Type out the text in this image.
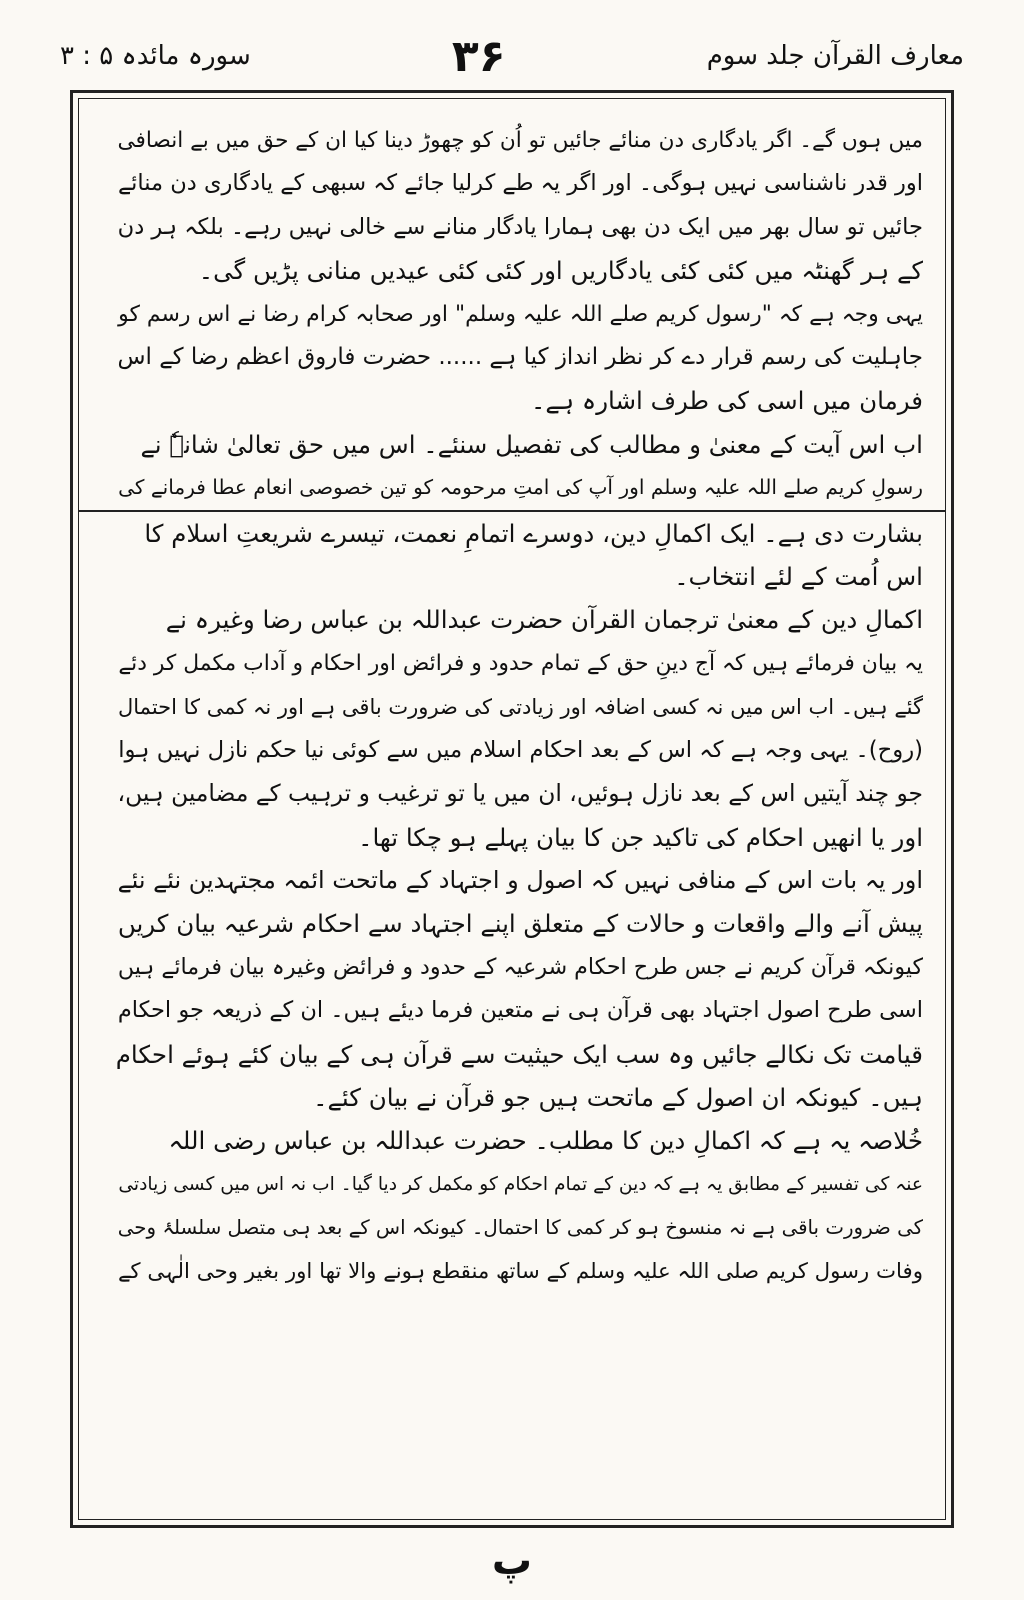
معارف القرآن جلد سوم
۳۶
سورہ مائدہ ۵ : ۳
میں ہوں گے۔ اگر یادگاری دن منائے جائیں تو اُن کو چھوڑ دینا کیا ان کے حق میں بے انصافی
اور قدر ناشناسی نہیں ہوگی۔ اور اگر یہ طے کرلیا جائے کہ سبھی کے یادگاری دن منائے
جائیں تو سال بھر میں ایک دن بھی ہمارا یادگار منانے سے خالی نہیں رہے۔ بلکہ ہر دن
کے ہر گھنٹہ میں کئی کئی یادگاریں اور کئی کئی عیدیں منانی پڑیں گی۔
یہی وجہ ہے کہ "رسول کریم صلے اللہ علیہ وسلم" اور صحابہ کرام رضا نے اس رسم کو
جاہلیت کی رسم قرار دے کر نظر انداز کیا ہے ...... حضرت فاروق اعظم رضا کے اس
فرمان میں اسی کی طرف اشارہ ہے۔
اب اس آیت کے معنیٰ و مطالب کی تفصیل سنئے۔ اس میں حق تعالیٰ شانہٗ نے
رسولِ کریم صلے اللہ علیہ وسلم اور آپ کی امتِ مرحومہ کو تین خصوصی انعام عطا فرمانے کی
بشارت دی ہے۔ ایک اکمالِ دین، دوسرے اتمامِ نعمت، تیسرے شریعتِ اسلام کا
اس اُمت کے لئے انتخاب۔
اکمالِ دین کے معنیٰ ترجمان القرآن حضرت عبداللہ بن عباس رضا وغیرہ نے
یہ بیان فرمائے ہیں کہ آج دینِ حق کے تمام حدود و فرائض اور احکام و آداب مکمل کر دئے
گئے ہیں۔ اب اس میں نہ کسی اضافہ اور زیادتی کی ضرورت باقی ہے اور نہ کمی کا احتمال
(روح)۔ یہی وجہ ہے کہ اس کے بعد احکام اسلام میں سے کوئی نیا حکم نازل نہیں ہوا
جو چند آیتیں اس کے بعد نازل ہوئیں، ان میں یا تو ترغیب و ترہیب کے مضامین ہیں،
اور یا انھیں احکام کی تاکید جن کا بیان پہلے ہو چکا تھا۔
اور یہ بات اس کے منافی نہیں کہ اصول و اجتہاد کے ماتحت ائمہ مجتہدین نئے نئے
پیش آنے والے واقعات و حالات کے متعلق اپنے اجتہاد سے احکام شرعیہ بیان کریں
کیونکہ قرآن کریم نے جس طرح احکام شرعیہ کے حدود و فرائض وغیرہ بیان فرمائے ہیں
اسی طرح اصول اجتہاد بھی قرآن ہی نے متعین فرما دیئے ہیں۔ ان کے ذریعہ جو احکام
قیامت تک نکالے جائیں وہ سب ایک حیثیت سے قرآن ہی کے بیان کئے ہوئے احکام
ہیں۔ کیونکہ ان اصول کے ماتحت ہیں جو قرآن نے بیان کئے۔
خُلاصہ یہ ہے کہ اکمالِ دین کا مطلب۔ حضرت عبداللہ بن عباس رضی اللہ
عنہ کی تفسیر کے مطابق یہ ہے کہ دین کے تمام احکام کو مکمل کر دیا گیا۔ اب نہ اس میں کسی زیادتی
کی ضرورت باقی ہے نہ منسوخ ہو کر کمی کا احتمال۔ کیونکہ اس کے بعد ہی متصل سلسلۂ وحی
وفات رسول کریم صلی اللہ علیہ وسلم کے ساتھ منقطع ہونے والا تھا اور بغیر وحی الٰہی کے
پ
